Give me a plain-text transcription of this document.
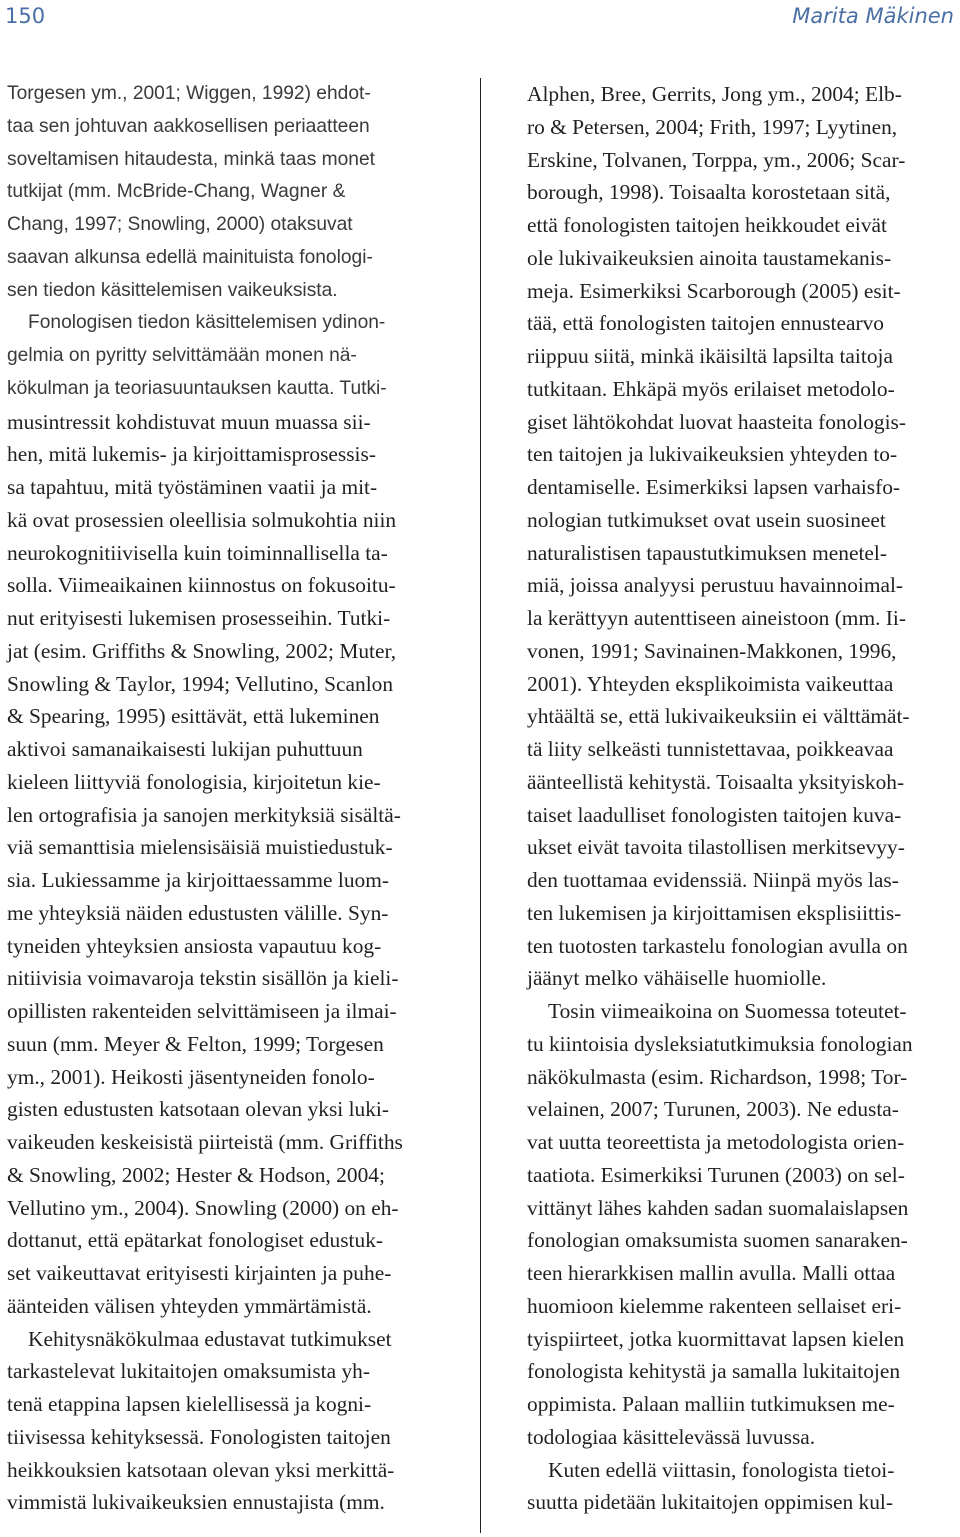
150	Marita Mäkinen
Torgesen ym., 2001; Wiggen, 1992) ehdot-
taa sen johtuvan aakkosellisen periaatteen
soveltamisen hitaudesta, minkä taas monet
tutkijat (mm. McBride-Chang, Wagner &
Chang, 1997; Snowling, 2000) otaksuvat
saavan alkunsa edellä mainituista fonologi-
sen tiedon käsittelemisen vaikeuksista.
Fonologisen tiedon käsittelemisen ydinon-
gelmia on pyritty selvittämään monen nä-
kökulman ja teoriasuuntauksen kautta. Tutki-
musintressit kohdistuvat muun muassa sii-
hen, mitä lukemis- ja kirjoittamisprosessis-
sa tapahtuu, mitä työstäminen vaatii ja mit-
kä ovat prosessien oleellisia solmukohtia niin
neurokognitiivisella kuin toiminnallisella ta-
solla. Viimeaikainen kiinnostus on fokusoitu-
nut erityisesti lukemisen prosesseihin. Tutki-
jat (esim. Griffiths & Snowling, 2002; Muter,
Snowling & Taylor, 1994; Vellutino, Scanlon
& Spearing, 1995) esittävät, että lukeminen
aktivoi samanaikaisesti lukijan puhuttuun
kieleen liittyviä fonologisia, kirjoitetun kie-
len ortografisia ja sanojen merkityksiä sisältä-
viä semanttisia mielensisäisiä muistiedustuk-
sia. Lukiessamme ja kirjoittaessamme luom-
me yhteyksiä näiden edustusten välille. Syn-
tyneiden yhteyksien ansiosta vapautuu kog-
nitiivisia voimavaroja tekstin sisällön ja kieli-
opillisten rakenteiden selvittämiseen ja ilmai-
suun (mm. Meyer & Felton, 1999; Torgesen
ym., 2001). Heikosti jäsentyneiden fonolo-
gisten edustusten katsotaan olevan yksi luki-
vaikeuden keskeisistä piirteistä (mm. Griffiths
& Snowling, 2002; Hester & Hodson, 2004;
Vellutino ym., 2004). Snowling (2000) on eh-
dottanut, että epätarkat fonologiset edustuk-
set vaikeuttavat erityisesti kirjainten ja puhe-
äänteiden välisen yhteyden ymmärtämistä.
Kehitysnäkökulmaa edustavat tutkimukset
tarkastelevat lukitaitojen omaksumista yh-
tenä etappina lapsen kielellisessä ja kogni-
tiivisessa kehityksessä. Fonologisten taitojen
heikkouksien katsotaan olevan yksi merkittä-
vimmistä lukivaikeuksien ennustajista (mm.
Alphen, Bree, Gerrits, Jong ym., 2004; Elb-
ro & Petersen, 2004; Frith, 1997; Lyytinen,
Erskine, Tolvanen, Torppa, ym., 2006; Scar-
borough, 1998). Toisaalta korostetaan sitä,
että fonologisten taitojen heikkoudet eivät
ole lukivaikeuksien ainoita taustamekanis-
meja. Esimerkiksi Scarborough (2005) esit-
tää, että fonologisten taitojen ennustearvo
riippuu siitä, minkä ikäisiltä lapsilta taitoja
tutkitaan. Ehkäpä myös erilaiset metodolo-
giset lähtökohdat luovat haasteita fonologis-
ten taitojen ja lukivaikeuksien yhteyden to-
dentamiselle. Esimerkiksi lapsen varhaisfo-
nologian tutkimukset ovat usein suosineet
naturalistisen tapaustutkimuksen menetel-
miä, joissa analyysi perustuu havainnoimal-
la kerättyyn autenttiseen aineistoon (mm. Ii-
vonen, 1991; Savinainen-Makkonen, 1996,
2001). Yhteyden eksplikoimista vaikeuttaa
yhtäältä se, että lukivaikeuksiin ei välttämät-
tä liity selkeästi tunnistettavaa, poikkeavaa
äänteellistä kehitystä. Toisaalta yksityiskoh-
taiset laadulliset fonologisten taitojen kuva-
ukset eivät tavoita tilastollisen merkitsevyy-
den tuottamaa evidenssiä. Niinpä myös las-
ten lukemisen ja kirjoittamisen eksplisiittis-
ten tuotosten tarkastelu fonologian avulla on
jäänyt melko vähäiselle huomiolle.
Tosin viimeaikoina on Suomessa toteutet-
tu kiintoisia dysleksiatutkimuksia fonologian
näkökulmasta (esim. Richardson, 1998; Tor-
velainen, 2007; Turunen, 2003). Ne edusta-
vat uutta teoreettista ja metodologista orien-
taatiota. Esimerkiksi Turunen (2003) on sel-
vittänyt lähes kahden sadan suomalaislapsen
fonologian omaksumista suomen sanaraken-
teen hierarkkisen mallin avulla. Malli ottaa
huomioon kielemme rakenteen sellaiset eri-
tyispiirteet, jotka kuormittavat lapsen kielen
fonologista kehitystä ja samalla lukitaitojen
oppimista. Palaan malliin tutkimuksen me-
todologiaa käsittelevässä luvussa.
Kuten edellä viittasin, fonologista tietoi-
suutta pidetään lukitaitojen oppimisen kul-
